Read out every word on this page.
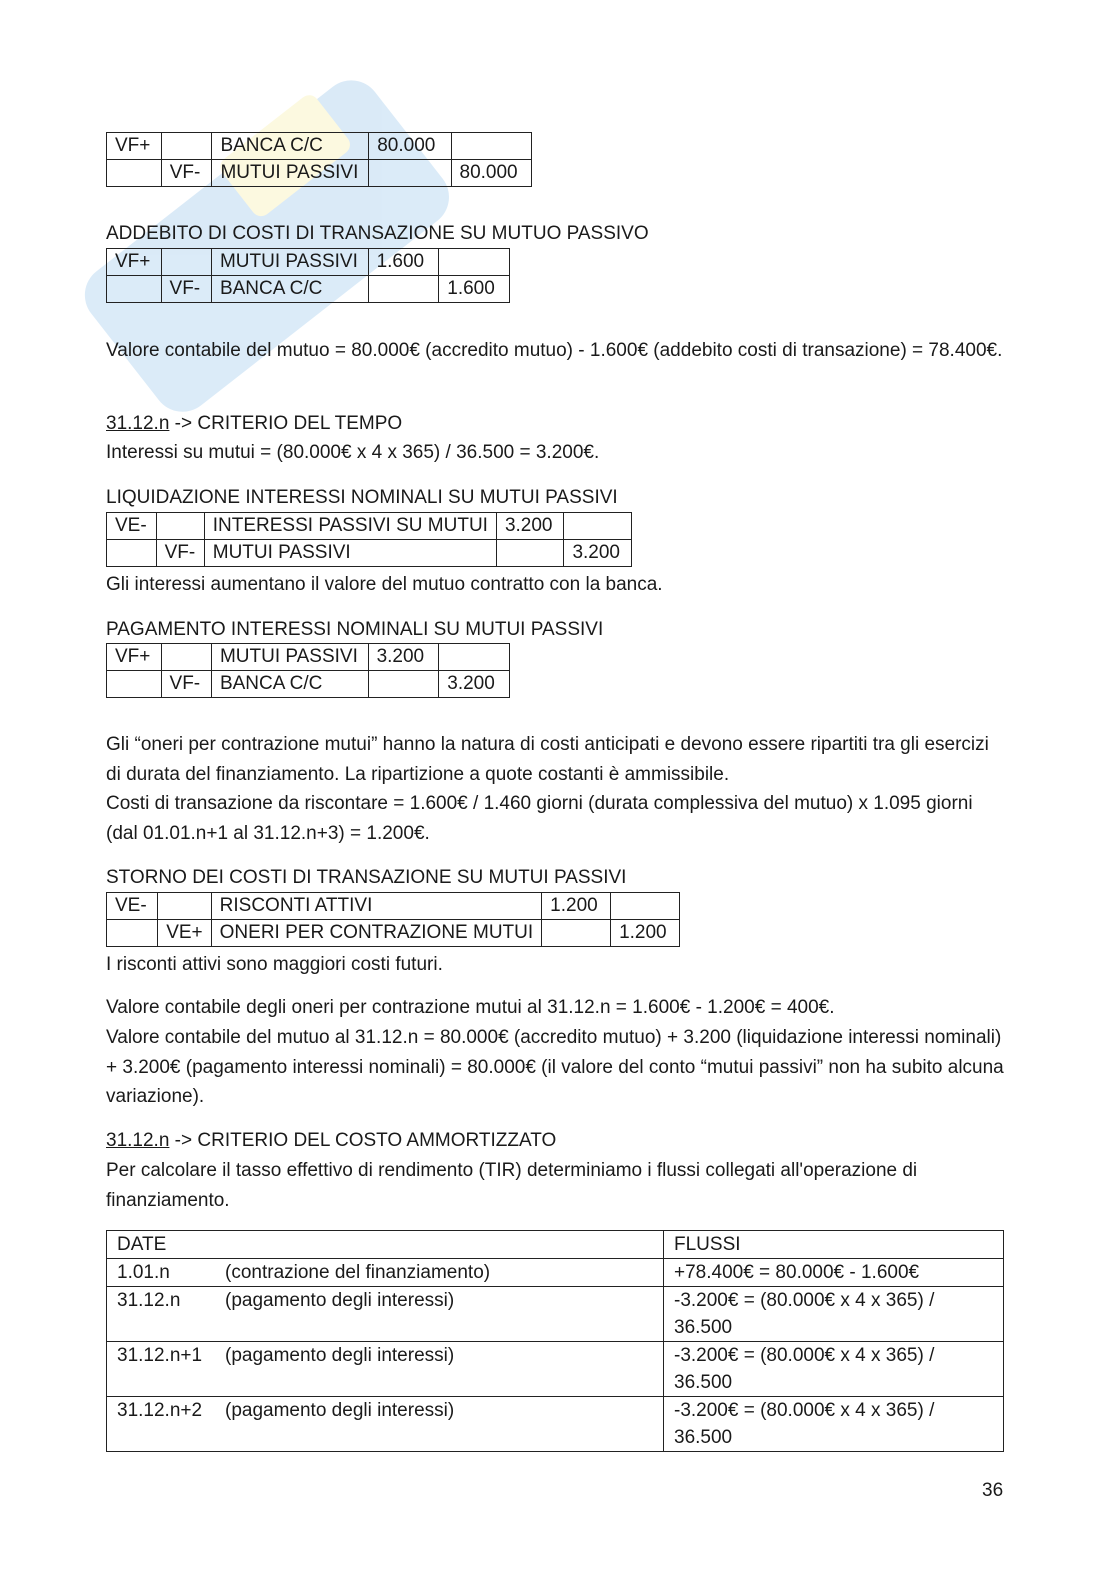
VF+		BANCA C/C	80.000	
	VF-	MUTUI PASSIVI		80.000

ADDEBITO DI COSTI DI TRANSAZIONE SU MUTUO PASSIVO

VF+		MUTUI PASSIVI	1.600	
	VF-	BANCA C/C		1.600

Valore contabile del mutuo = 80.000€ (accredito mutuo) - 1.600€ (addebito costi di transazione) = 78.400€.

31.12.n -> CRITERIO DEL TEMPO

Interessi su mutui = (80.000€ x 4 x 365) / 36.500 = 3.200€.

LIQUIDAZIONE INTERESSI NOMINALI SU MUTUI PASSIVI

VE-		INTERESSI PASSIVI SU MUTUI	3.200	
	VF-	MUTUI PASSIVI		3.200

Gli interessi aumentano il valore del mutuo contratto con la banca.

PAGAMENTO INTERESSI NOMINALI SU MUTUI PASSIVI

VF+		MUTUI PASSIVI	3.200	
	VF-	BANCA C/C		3.200

Gli “oneri per contrazione mutui” hanno la natura di costi anticipati e devono essere ripartiti tra gli esercizi di durata del finanziamento. La ripartizione a quote costanti è ammissibile.

Costi di transazione da riscontare = 1.600€ / 1.460 giorni (durata complessiva del mutuo) x 1.095 giorni (dal 01.01.n+1 al 31.12.n+3) = 1.200€.

STORNO DEI COSTI DI TRANSAZIONE SU MUTUI PASSIVI

VE-		RISCONTI ATTIVI	1.200	
	VE+	ONERI PER CONTRAZIONE MUTUI		1.200

I risconti attivi sono maggiori costi futuri.

Valore contabile degli oneri per contrazione mutui al 31.12.n = 1.600€ - 1.200€ = 400€.

Valore contabile del mutuo al 31.12.n = 80.000€ (accredito mutuo) + 3.200 (liquidazione interessi nominali) + 3.200€ (pagamento interessi nominali) = 80.000€ (il valore del conto “mutui passivi” non ha subito alcuna variazione).

31.12.n -> CRITERIO DEL COSTO AMMORTIZZATO

Per calcolare il tasso effettivo di rendimento (TIR) determiniamo i flussi collegati all'operazione di finanziamento.

DATE	FLUSSI
1.01.n (contrazione del finanziamento)	+78.400€ = 80.000€ - 1.600€
31.12.n (pagamento degli interessi)	-3.200€ = (80.000€ x 4 x 365) / 36.500
31.12.n+1 (pagamento degli interessi)	-3.200€ = (80.000€ x 4 x 365) / 36.500
31.12.n+2 (pagamento degli interessi)	-3.200€ = (80.000€ x 4 x 365) / 36.500
36
